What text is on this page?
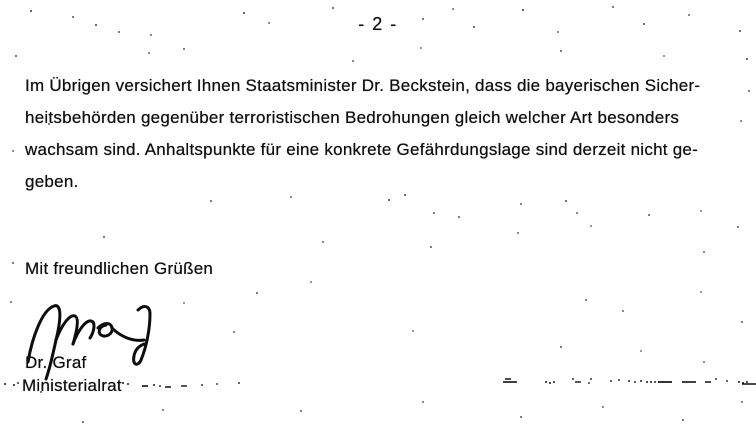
- 2 -
Im Übrigen versichert Ihnen Staatsminister Dr. Beckstein, dass die bayerischen Sicher-
heitsbehörden gegenüber terroristischen Bedrohungen gleich welcher Art besonders
wachsam sind. Anhaltspunkte für eine konkrete Gefährdungslage sind derzeit nicht ge-
geben.
Mit freundlichen Grüßen
Dr. Graf
Ministerialrat
